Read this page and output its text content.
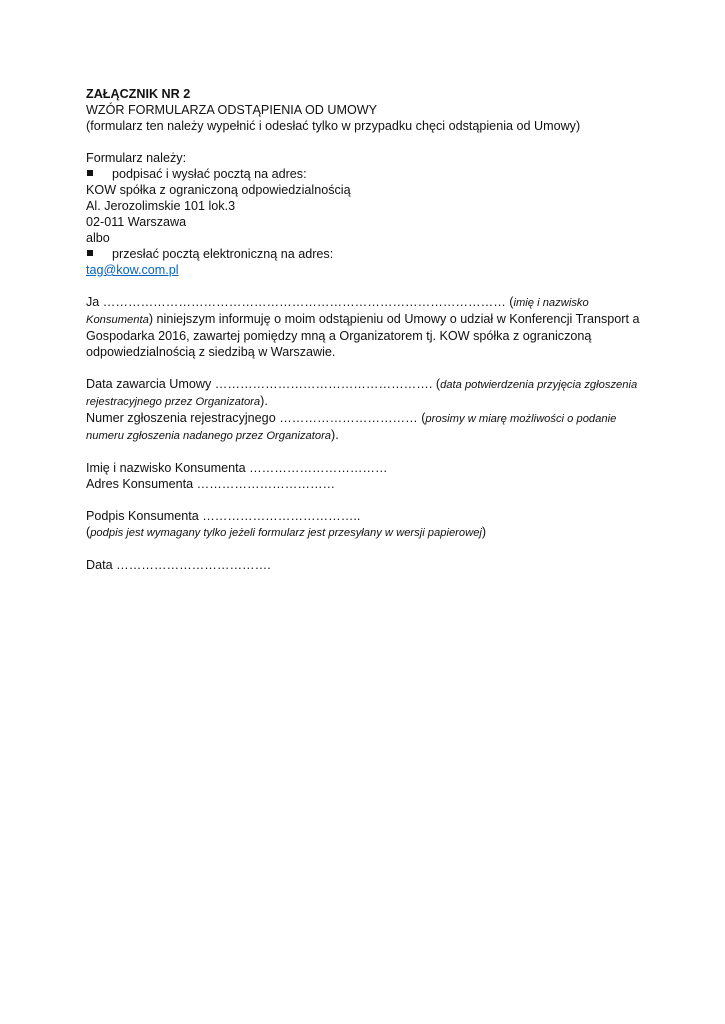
ZAŁĄCZNIK NR 2
WZÓR FORMULARZA ODSTĄPIENIA OD UMOWY
(formularz ten należy wypełnić i odesłać tylko w przypadku chęci odstąpienia od Umowy)
Formularz należy:
podpisać i wysłać pocztą na adres:
KOW spółka z ograniczoną odpowiedzialnością
Al. Jerozolimskie 101 lok.3
02-011 Warszawa
albo
przesłać pocztą elektroniczną na adres:
tag@kow.com.pl
Ja …………………………………………………………………………………… (imię i nazwisko Konsumenta) niniejszym informuję o moim odstąpieniu od Umowy o udział w Konferencji Transport a Gospodarka 2016, zawartej pomiędzy mną a Organizatorem tj. KOW spółka z ograniczoną odpowiedzialnością z siedzibą w Warszawie.
Data zawarcia Umowy ……………………………………………. (data potwierdzenia przyjęcia zgłoszenia rejestracyjnego przez Organizatora).
Numer zgłoszenia rejestracyjnego …………………………… (prosimy w miarę możliwości o podanie numeru zgłoszenia nadanego przez Organizatora).
Imię i nazwisko Konsumenta ……………………………
Adres Konsumenta ……………………………
Podpis Konsumenta ………………………………..
(podpis jest wymagany tylko jeżeli formularz jest przesyłany w wersji papierowej)
Data ……………………………….
